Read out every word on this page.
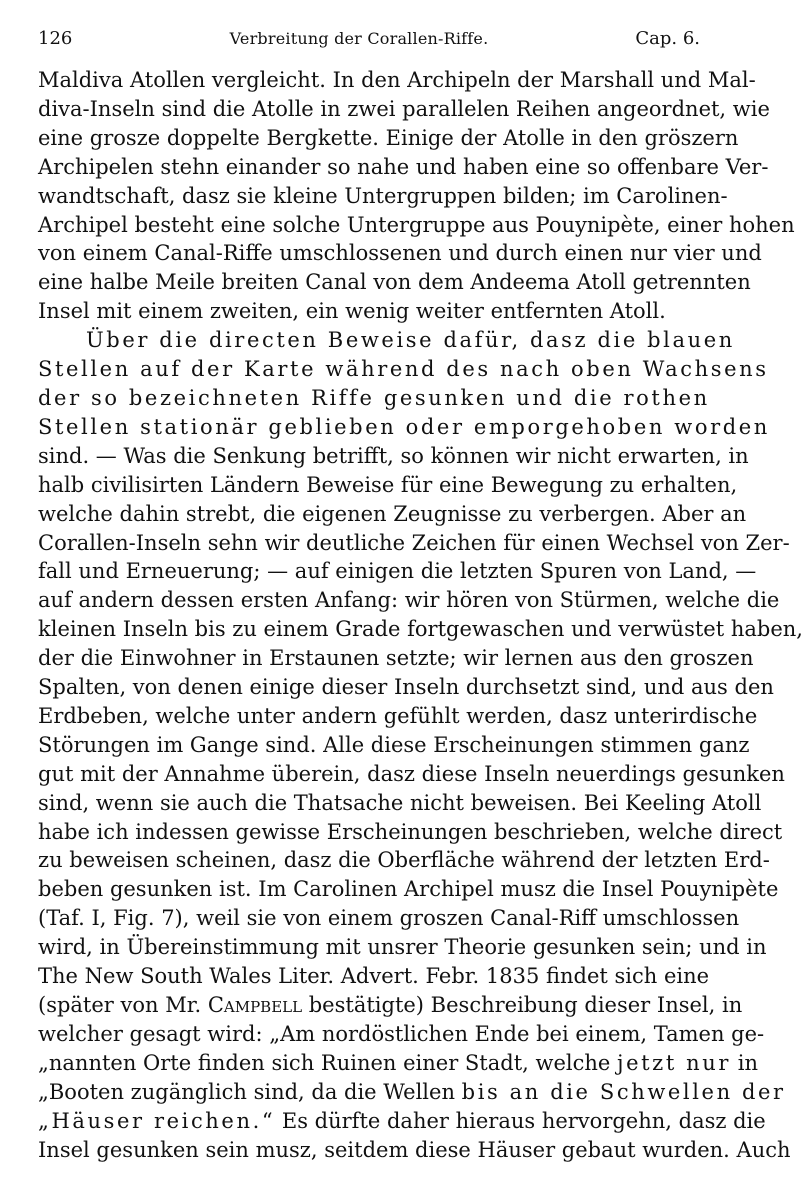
126	Verbreitung der Corallen-Riffe.	Cap. 6.
Maldiva Atollen vergleicht. In den Archipeln der Marshall und Mal-
diva-Inseln sind die Atolle in zwei parallelen Reihen angeordnet, wie
eine grosze doppelte Bergkette. Einige der Atolle in den gröszern
Archipelen stehn einander so nahe und haben eine so offenbare Ver-
wandtschaft, dasz sie kleine Untergruppen bilden; im Carolinen-
Archipel besteht eine solche Untergruppe aus Pouynipète, einer hohen
von einem Canal-Riffe umschlossenen und durch einen nur vier und
eine halbe Meile breiten Canal von dem Andeema Atoll getrennten
Insel mit einem zweiten, ein wenig weiter entfernten Atoll.
Über die directen Beweise dafür, dasz die blauen
Stellen auf der Karte während des nach oben Wachsens
der so bezeichneten Riffe gesunken und die rothen
Stellen stationär geblieben oder emporgehoben worden
sind. — Was die Senkung betrifft, so können wir nicht erwarten, in
halb civilisirten Ländern Beweise für eine Bewegung zu erhalten,
welche dahin strebt, die eigenen Zeugnisse zu verbergen. Aber an
Corallen-Inseln sehn wir deutliche Zeichen für einen Wechsel von Zer-
fall und Erneuerung; — auf einigen die letzten Spuren von Land, —
auf andern dessen ersten Anfang: wir hören von Stürmen, welche die
kleinen Inseln bis zu einem Grade fortgewaschen und verwüstet haben,
der die Einwohner in Erstaunen setzte; wir lernen aus den groszen
Spalten, von denen einige dieser Inseln durchsetzt sind, und aus den
Erdbeben, welche unter andern gefühlt werden, dasz unterirdische
Störungen im Gange sind. Alle diese Erscheinungen stimmen ganz
gut mit der Annahme überein, dasz diese Inseln neuerdings gesunken
sind, wenn sie auch die Thatsache nicht beweisen. Bei Keeling Atoll
habe ich indessen gewisse Erscheinungen beschrieben, welche direct
zu beweisen scheinen, dasz die Oberfläche während der letzten Erd-
beben gesunken ist. Im Carolinen Archipel musz die Insel Pouynipète
(Taf. I, Fig. 7), weil sie von einem groszen Canal-Riff umschlossen
wird, in Übereinstimmung mit unsrer Theorie gesunken sein; und in
The New South Wales Liter. Advert. Febr. 1835 findet sich eine
(später von Mr. Campbell bestätigte) Beschreibung dieser Insel, in
welcher gesagt wird: „Am nordöstlichen Ende bei einem, Tamen ge-
„nannten Orte finden sich Ruinen einer Stadt, welche jetzt nur in
„Booten zugänglich sind, da die Wellen bis an die Schwellen der
„Häuser reichen.“ Es dürfte daher hieraus hervorgehn, dasz die
Insel gesunken sein musz, seitdem diese Häuser gebaut wurden. Auch
